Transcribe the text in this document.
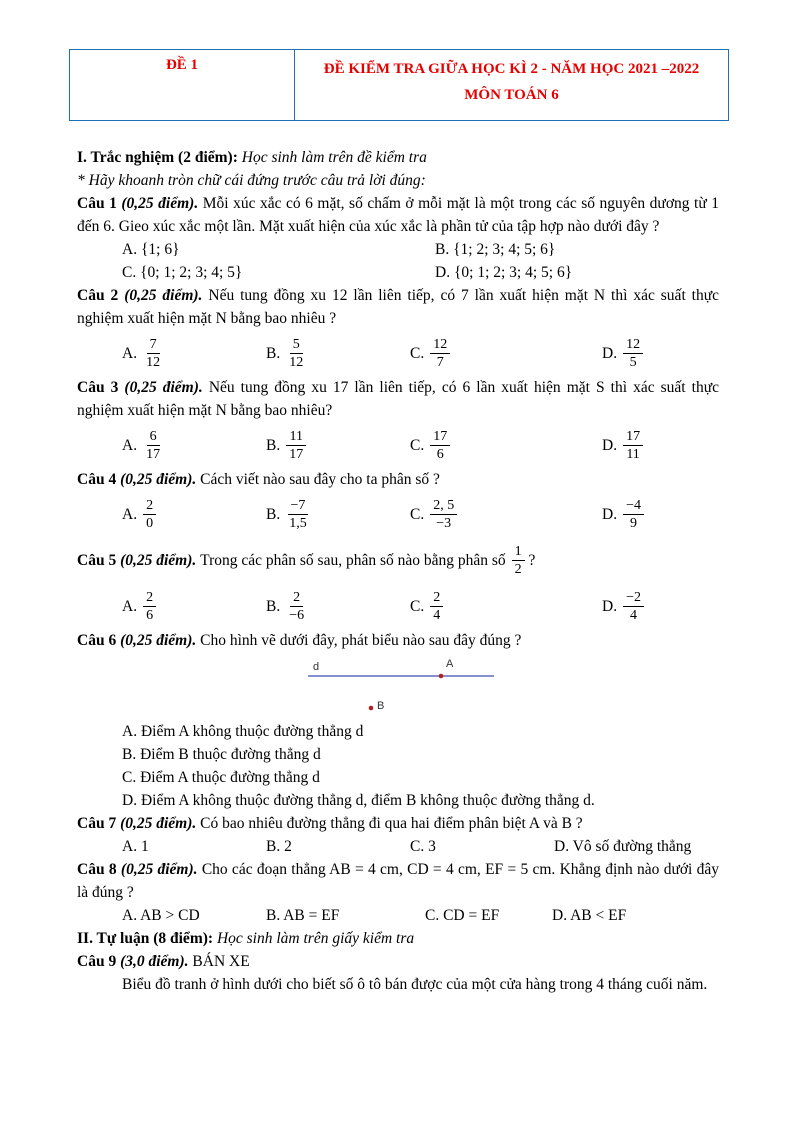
ĐỀ 1	ĐỀ KIỂM TRA GIỮA HỌC KÌ 2 - NĂM HỌC 2021 –2022
MÔN TOÁN 6
I. Trắc nghiệm (2 điểm): Học sinh làm trên đề kiểm tra
* Hãy khoanh tròn chữ cái đứng trước câu trả lời đúng:
Câu 1 (0,25 điểm). Mỗi xúc xắc có 6 mặt, số chấm ở mỗi mặt là một trong các số nguyên dương từ 1 đến 6. Gieo xúc xắc một lần. Mặt xuất hiện của xúc xắc là phần tử của tập hợp nào dưới đây ?
A. {1; 6}	B. {1; 2; 3; 4; 5; 6}
C. {0; 1; 2; 3; 4; 5}	D. {0; 1; 2; 3; 4; 5; 6}
Câu 2 (0,25 điểm). Nếu tung đồng xu 12 lần liên tiếp, có 7 lần xuất hiện mặt N thì xác suất thực nghiệm xuất hiện mặt N bằng bao nhiêu ?
A. $\frac{7}{12}$	B. $\frac{5}{12}$	C. $\frac{12}{7}$	D. $\frac{12}{5}$
Câu 3 (0,25 điểm). Nếu tung đồng xu 17 lần liên tiếp, có 6 lần xuất hiện mặt S thì xác suất thực nghiệm xuất hiện mặt N bằng bao nhiêu?
A. $\frac{6}{17}$	B. $\frac{11}{17}$	C. $\frac{17}{6}$	D. $\frac{17}{11}$
Câu 4 (0,25 điểm). Cách viết nào sau đây cho ta phân số ?
A. $\frac{2}{0}$	B. $\frac{-7}{1,5}$	C. $\frac{2, 5}{-3}$	D. $\frac{-4}{9}$
Câu 5
(0,25 điểm).
Trong các phân số sau, phân số nào bằng phân số $\frac{1}{2}$
?
A. $\frac{2}{6}$	B. $\frac{2}{-6}$	C. $\frac{2}{4}$	D. $\frac{-2}{4}$
Câu 6 (0,25 điểm). Cho hình vẽ dưới đây, phát biểu nào sau đây đúng ?
d	A
B
A. Điểm A không thuộc đường thẳng d
B. Điểm B thuộc đường thẳng d
C. Điểm A thuộc đường thẳng d
D. Điểm A không thuộc đường thẳng d, điểm B không thuộc đường thẳng d.
Câu 7 (0,25 điểm). Có bao nhiêu đường thẳng đi qua hai điểm phân biệt A và B ?
A. 1	B. 2	C. 3	D. Vô số đường thẳng
Câu 8 (0,25 điểm). Cho các đoạn thẳng AB = 4 cm, CD = 4 cm, EF = 5 cm. Khẳng định nào dưới đây là đúng ?
A. AB > CD	B. AB = EF	C. CD = EF	D. AB < EF
II. Tự luận (8 điểm): Học sinh làm trên giấy kiểm tra
Câu 9 (3,0 điểm). BÁN XE
Biểu đồ tranh ở hình dưới cho biết số ô tô bán được của một cửa hàng trong 4 tháng cuối năm.
